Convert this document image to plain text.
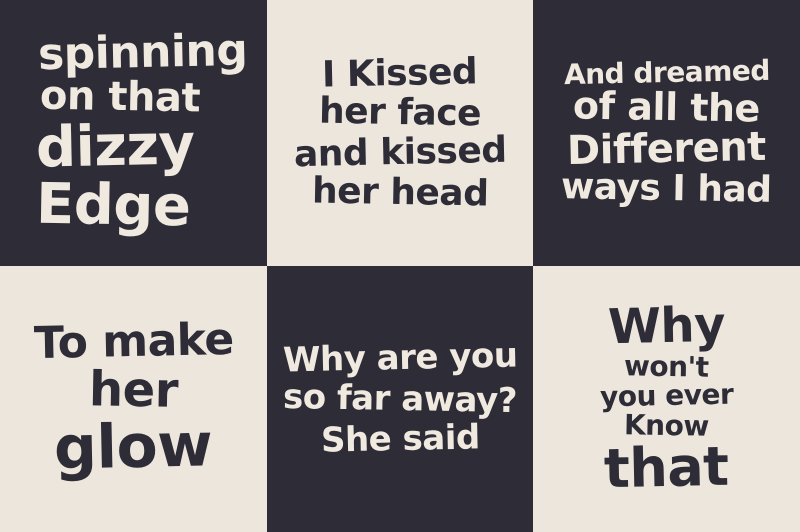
spinning
on that
dizzy
Edge
I Kissed
her face
and kissed
her head
And dreamed
of all the
Different
ways I had
To make
her
glow
Why are you
so far away?
She said
Why
won't
you ever
Know
that
